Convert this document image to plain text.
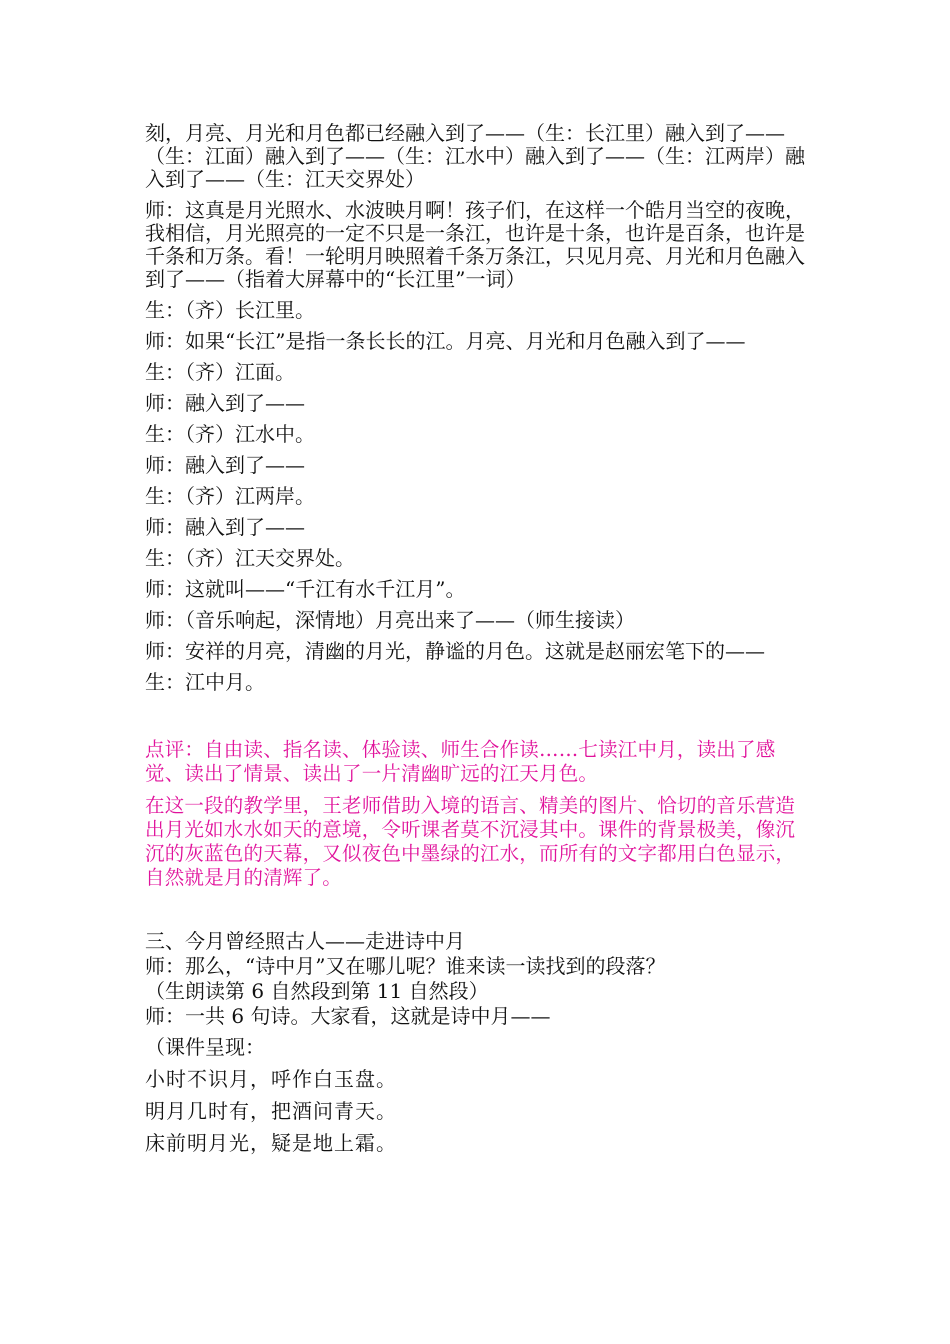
刻，月亮、月光和月色都已经融入到了——（生：长江里）融入到了——（生：江面）融入到了——（生：江水中）融入到了——（生：江两岸）融入到了——（生：江天交界处）

师：这真是月光照水、水波映月啊！孩子们，在这样一个皓月当空的夜晚，我相信，月光照亮的一定不只是一条江，也许是十条，也许是百条，也许是千条和万条。看！一轮明月映照着千条万条江，只见月亮、月光和月色融入到了——（指着大屏幕中的“长江里”一词）

生：（齐）长江里。

师：如果“长江”是指一条长长的江。月亮、月光和月色融入到了——

生：（齐）江面。

师：融入到了——

生：（齐）江水中。

师：融入到了——

生：（齐）江两岸。

师：融入到了——

生：（齐）江天交界处。

师：这就叫——“千江有水千江月”。

师：（音乐响起，深情地）月亮出来了——（师生接读）

师：安祥的月亮，清幽的月光，静谧的月色。这就是赵丽宏笔下的——

生：江中月。

点评：自由读、指名读、体验读、师生合作读……七读江中月，读出了感觉、读出了情景、读出了一片清幽旷远的江天月色。

在这一段的教学里，王老师借助入境的语言、精美的图片、恰切的音乐营造出月光如水水如天的意境，令听课者莫不沉浸其中。课件的背景极美，像沉沉的灰蓝色的天幕，又似夜色中墨绿的江水，而所有的文字都用白色显示，自然就是月的清辉了。

三、今月曾经照古人——走进诗中月

师：那么，“诗中月”又在哪儿呢？谁来读一读找到的段落？

（生朗读第 6 自然段到第 11 自然段）

师：一共 6 句诗。大家看，这就是诗中月——

（课件呈现：

小时不识月，呼作白玉盘。

明月几时有，把酒问青天。

床前明月光，疑是地上霜。
